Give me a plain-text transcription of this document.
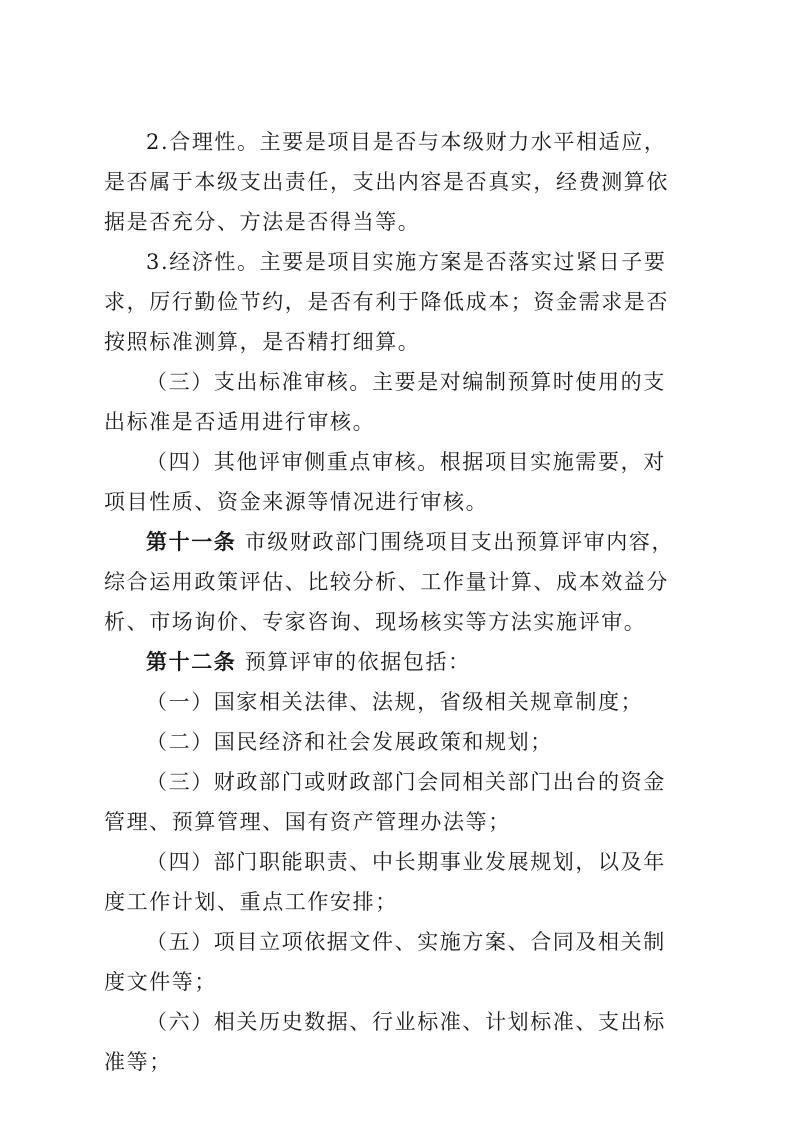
2.合理性。主要是项目是否与本级财力水平相适应，
是否属于本级支出责任，支出内容是否真实，经费测算依
据是否充分、方法是否得当等。
3.经济性。主要是项目实施方案是否落实过紧日子要
求，厉行勤俭节约，是否有利于降低成本；资金需求是否
按照标准测算，是否精打细算。
（三）支出标准审核。主要是对编制预算时使用的支
出标准是否适用进行审核。
（四）其他评审侧重点审核。根据项目实施需要，对
项目性质、资金来源等情况进行审核。
第十一条 市级财政部门围绕项目支出预算评审内容，
综合运用政策评估、比较分析、工作量计算、成本效益分
析、市场询价、专家咨询、现场核实等方法实施评审。
第十二条 预算评审的依据包括：
（一）国家相关法律、法规，省级相关规章制度；
（二）国民经济和社会发展政策和规划；
（三）财政部门或财政部门会同相关部门出台的资金
管理、预算管理、国有资产管理办法等；
（四）部门职能职责、中长期事业发展规划，以及年
度工作计划、重点工作安排；
（五）项目立项依据文件、实施方案、合同及相关制
度文件等；
（六）相关历史数据、行业标准、计划标准、支出标
准等；
